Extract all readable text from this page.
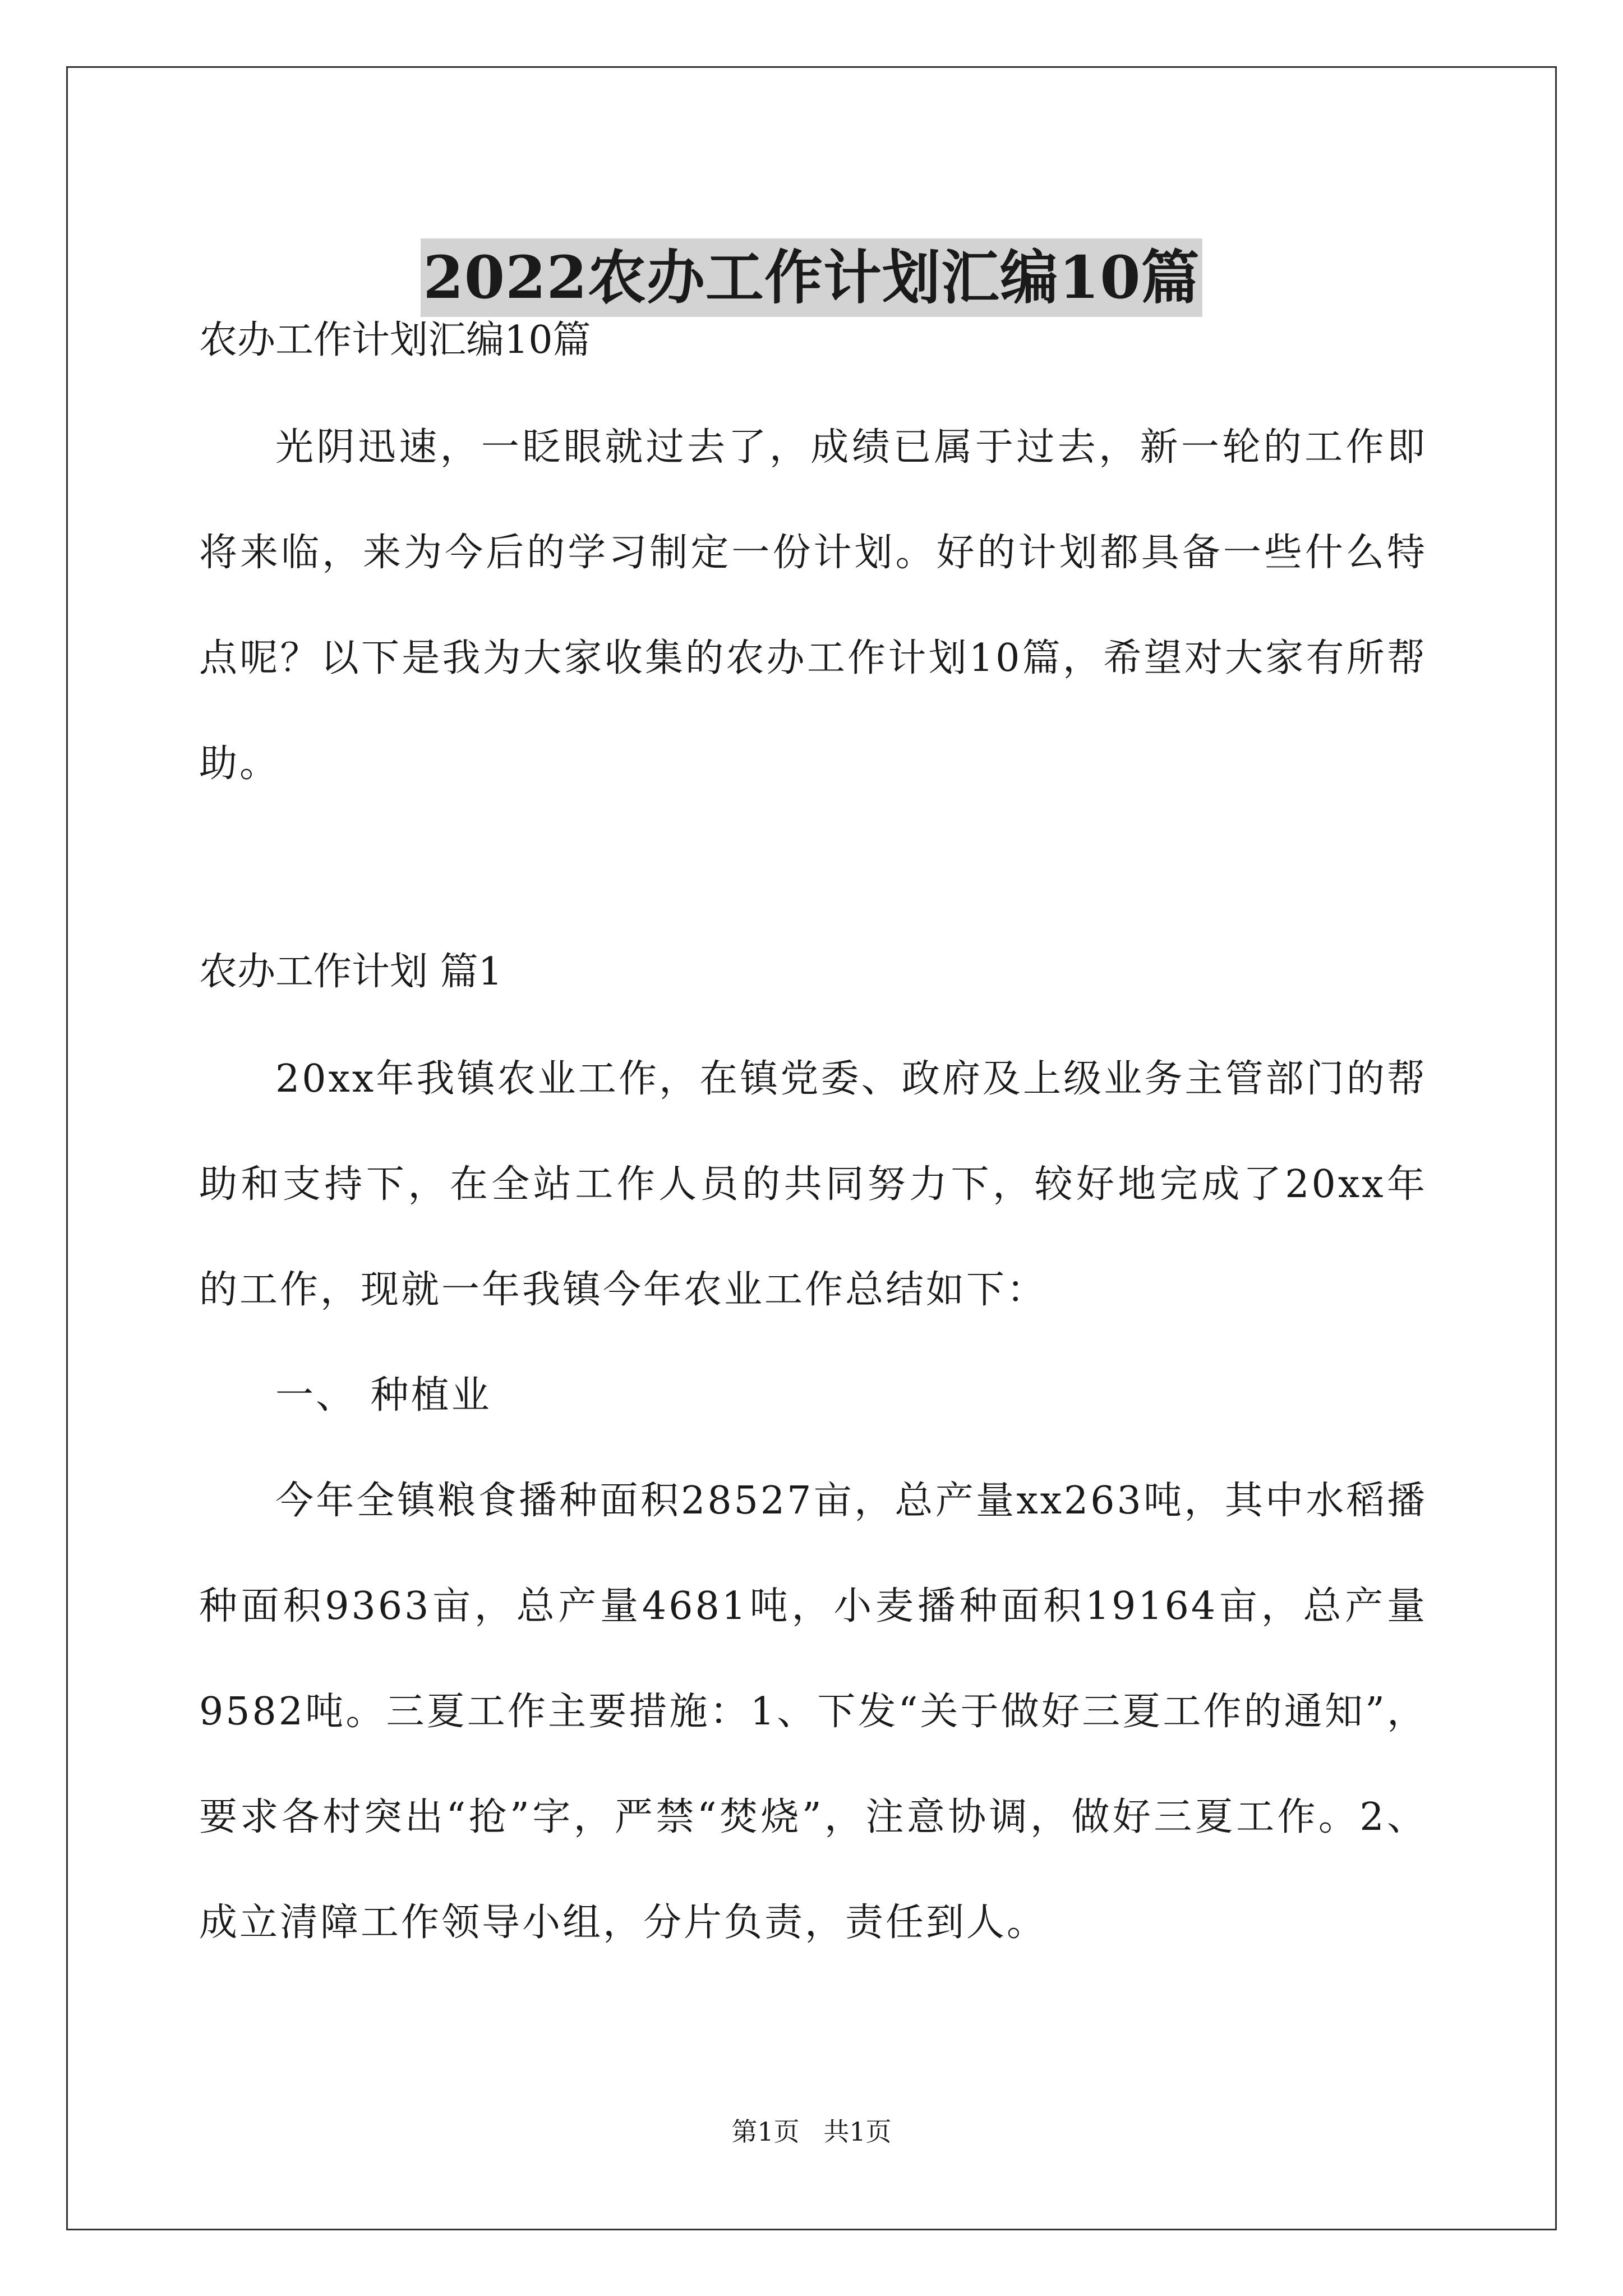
2022农办工作计划汇编10篇

农办工作计划汇编10篇

光阴迅速，一眨眼就过去了，成绩已属于过去，新一轮的工作即将来临，来为今后的学习制定一份计划。好的计划都具备一些什么特点呢？以下是我为大家收集的农办工作计划10篇，希望对大家有所帮助。

农办工作计划 篇1

20xx年我镇农业工作，在镇党委、政府及上级业务主管部门的帮助和支持下，在全站工作人员的共同努力下，较好地完成了20xx年的工作，现就一年我镇今年农业工作总结如下：

一、 种植业

今年全镇粮食播种面积28527亩，总产量xx263吨，其中水稻播种面积9363亩，总产量4681吨，小麦播种面积19164亩，总产量9582吨。三夏工作主要措施：1、下发“关于做好三夏工作的通知”，要求各村突出“抢”字，严禁“焚烧”，注意协调，做好三夏工作。2、成立清障工作领导小组，分片负责，责任到人。

第1页 共1页
